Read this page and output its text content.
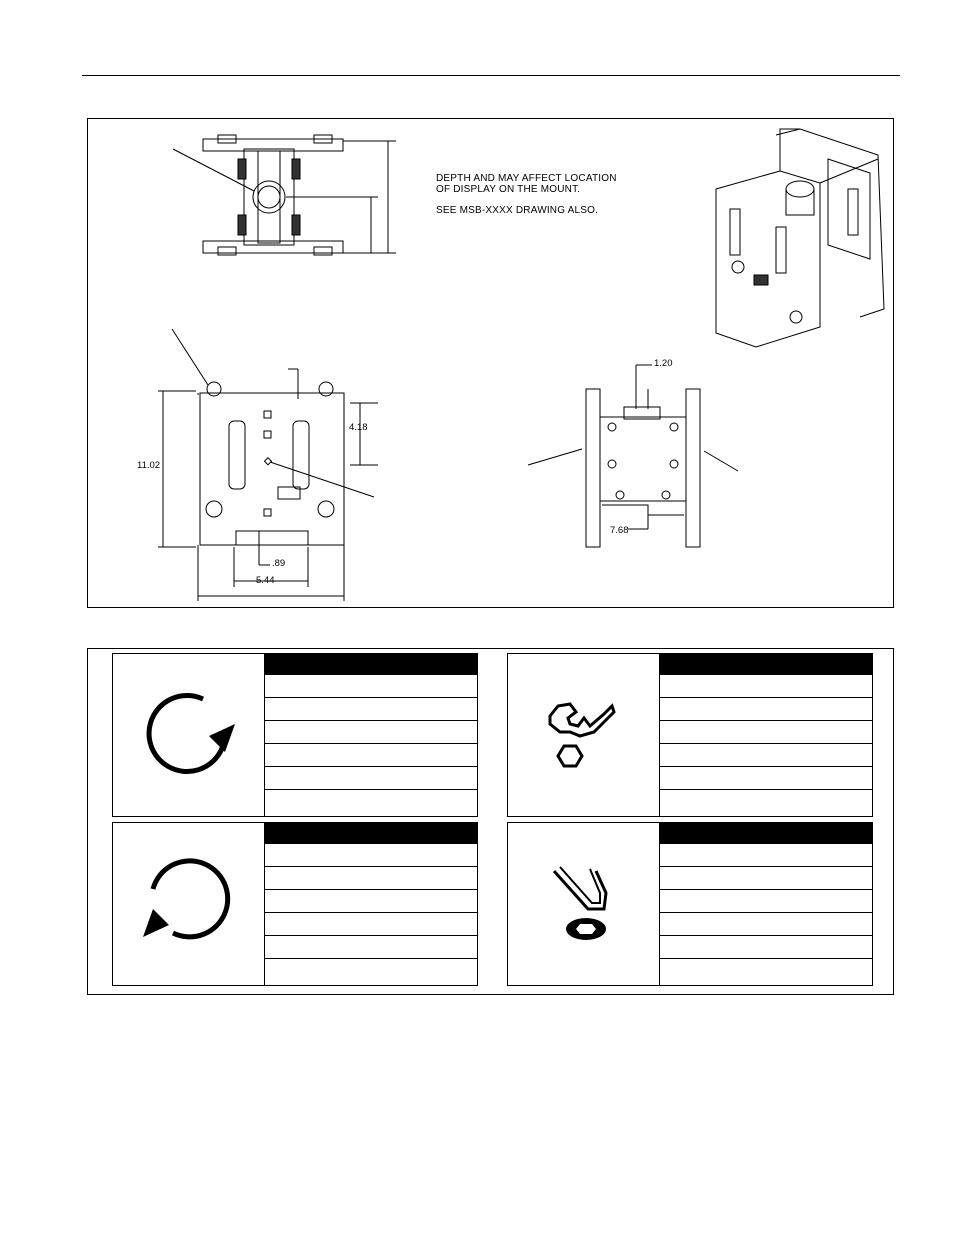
DEPTH AND MAY AFFECT LOCATION
OF DISPLAY ON THE MOUNT.
SEE MSB-XXXX DRAWING ALSO.
11.02
4.18
.89
5.44
1.20
7.68
